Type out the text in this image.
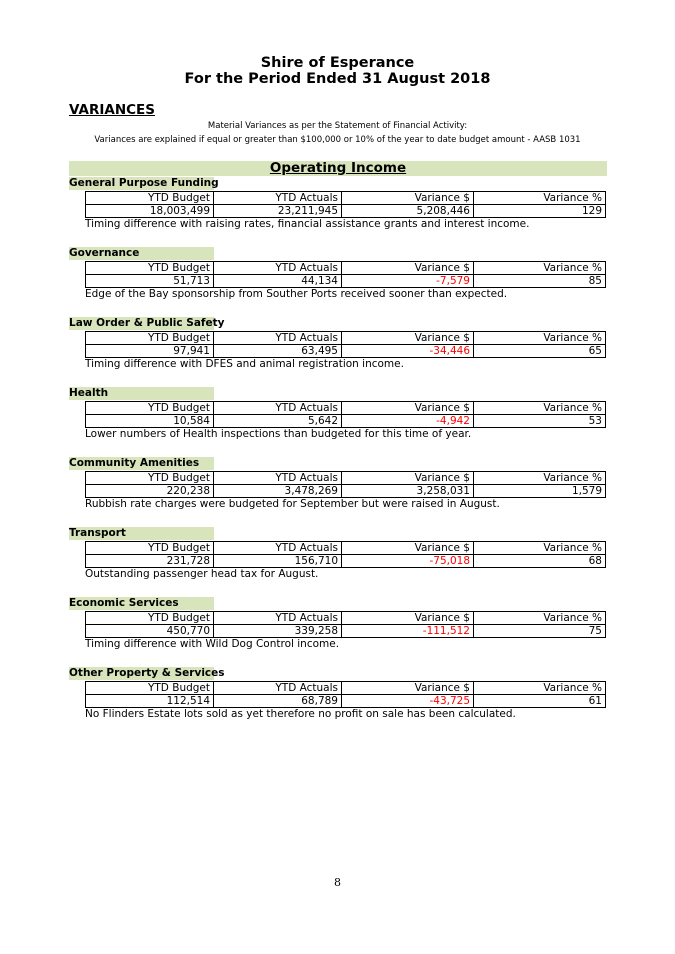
Shire of Esperance
For the Period Ended 31 August 2018
VARIANCES
Material Variances as per the Statement of Financial Activity:
Variances are explained if equal or greater than $100,000 or 10% of the year to date budget amount - AASB 1031
Operating Income
General Purpose Funding
YTD Budget	YTD Actuals	Variance $	Variance %
18,003,499	23,211,945	5,208,446	129
Timing difference with raising rates, financial assistance grants and interest income.
Governance
YTD Budget	YTD Actuals	Variance $	Variance %
51,713	44,134	-7,579	85
Edge of the Bay sponsorship from Souther Ports received sooner than expected.
Law Order & Public Safety
YTD Budget	YTD Actuals	Variance $	Variance %
97,941	63,495	-34,446	65
Timing difference with DFES and animal registration income.
Health
YTD Budget	YTD Actuals	Variance $	Variance %
10,584	5,642	-4,942	53
Lower numbers of Health inspections than budgeted for this time of year.
Community Amenities
YTD Budget	YTD Actuals	Variance $	Variance %
220,238	3,478,269	3,258,031	1,579
Rubbish rate charges were budgeted for September but were raised in August.
Transport
YTD Budget	YTD Actuals	Variance $	Variance %
231,728	156,710	-75,018	68
Outstanding passenger head tax for August.
Economic Services
YTD Budget	YTD Actuals	Variance $	Variance %
450,770	339,258	-111,512	75
Timing difference with Wild Dog Control income.
Other Property & Services
YTD Budget	YTD Actuals	Variance $	Variance %
112,514	68,789	-43,725	61
No Flinders Estate lots sold as yet therefore no profit on sale has been calculated.
8
